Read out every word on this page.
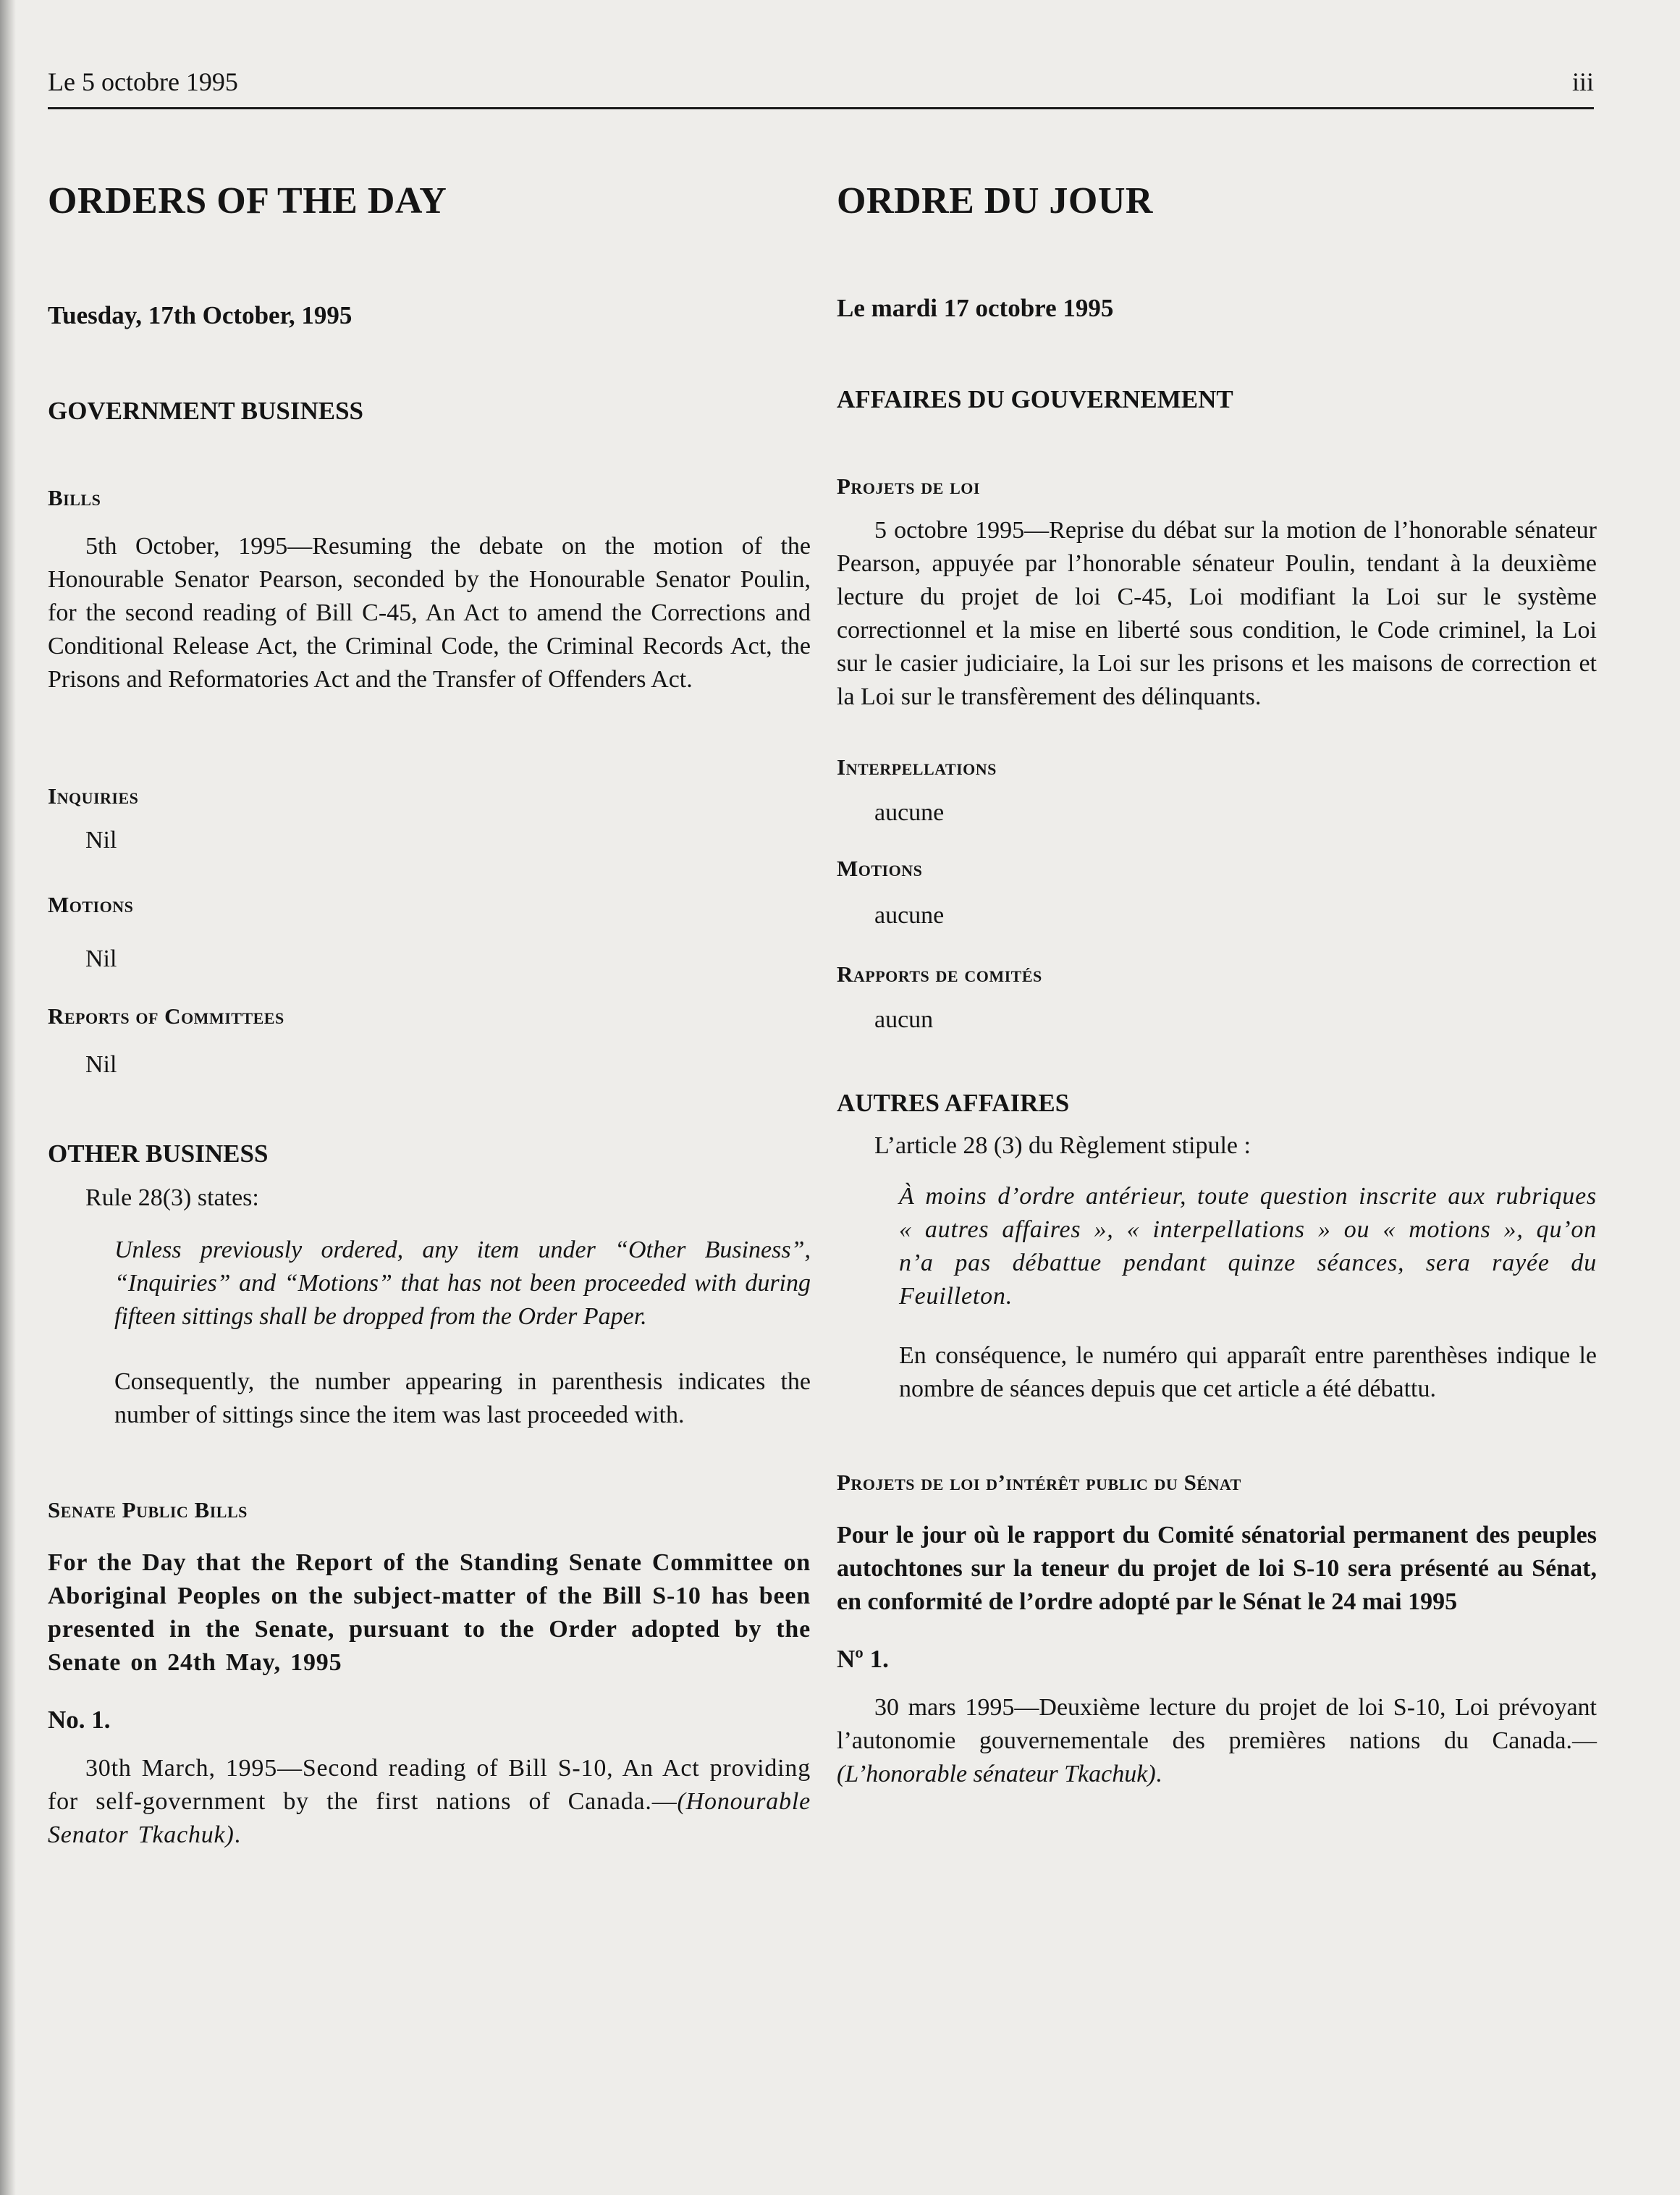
Le 5 octobre 1995	iii
ORDERS OF THE DAY
Tuesday, 17th October, 1995
GOVERNMENT BUSINESS
Bills

5th October, 1995—Resuming the debate on the motion of the Honourable Senator Pearson, seconded by the Honourable Senator Poulin, for the second reading of Bill C-45, An Act to amend the Corrections and Conditional Release Act, the Criminal Code, the Criminal Records Act, the Prisons and Reformatories Act and the Transfer of Offenders Act.

Inquiries
Nil
Motions
Nil
Reports of Committees
Nil
OTHER BUSINESS
Rule 28(3) states:
Unless previously ordered, any item under “Other Business”, “Inquiries” and “Motions” that has not been proceeded with during fifteen sittings shall be dropped from the Order Paper.
Consequently, the number appearing in parenthesis indicates the number of sittings since the item was last proceeded with.
Senate Public Bills
For the Day that the Report of the Standing Senate Committee on Aboriginal Peoples on the subject-matter of the Bill S-10 has been presented in the Senate, pursuant to the Order adopted by the Senate on 24th May, 1995
No. 1.

30th March, 1995—Second reading of Bill S-10, An Act providing for self-government by the first nations of Canada.—(Honourable Senator Tkachuk).

ORDRE DU JOUR
Le mardi 17 octobre 1995
AFFAIRES DU GOUVERNEMENT
Projets de loi

5 octobre 1995—Reprise du débat sur la motion de l’honorable sénateur Pearson, appuyée par l’honorable sénateur Poulin, tendant à la deuxième lecture du projet de loi C-45, Loi modifiant la Loi sur le système correctionnel et la mise en liberté sous condition, le Code criminel, la Loi sur le casier judiciaire, la Loi sur les prisons et les maisons de correction et la Loi sur le transfèrement des délinquants.

Interpellations
aucune
Motions
aucune
Rapports de comités
aucun
AUTRES AFFAIRES
L’article 28 (3) du Règlement stipule :
À moins d’ordre antérieur, toute question inscrite aux rubriques « autres affaires », « interpellations » ou « motions », qu’on n’a pas débattue pendant quinze séances, sera rayée du Feuilleton.
En conséquence, le numéro qui apparaît entre parenthèses indique le nombre de séances depuis que cet article a été débattu.
Projets de loi d’intérêt public du Sénat
Pour le jour où le rapport du Comité sénatorial permanent des peuples autochtones sur la teneur du projet de loi S-10 sera présenté au Sénat, en conformité de l’ordre adopté par le Sénat le 24 mai 1995
Nº 1.

30 mars 1995—Deuxième lecture du projet de loi S-10, Loi prévoyant l’autonomie gouvernementale des premières nations du Canada.—(L’honorable sénateur Tkachuk).
